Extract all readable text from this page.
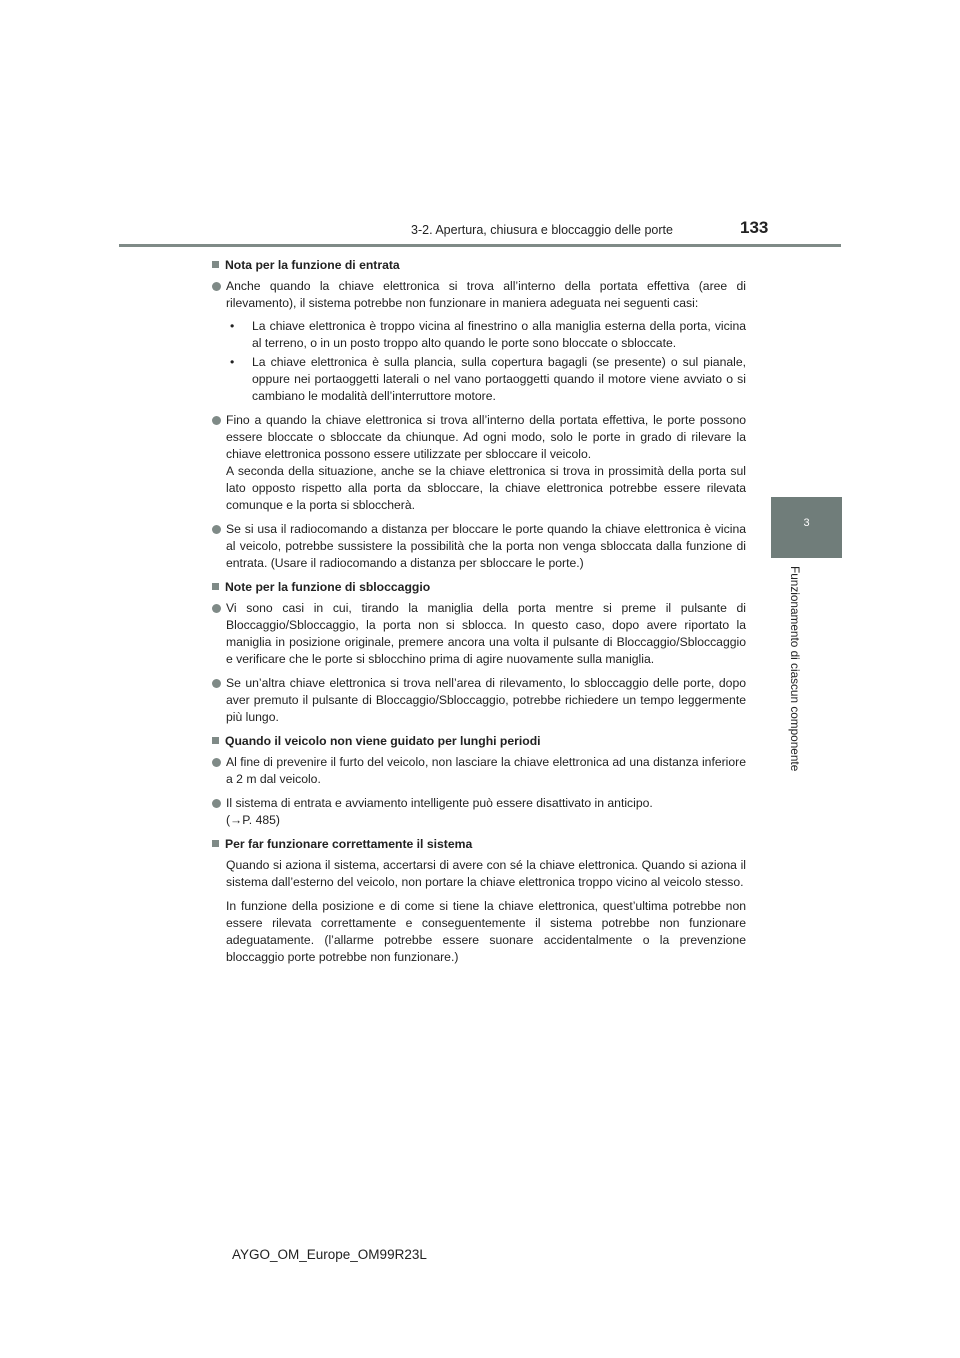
3-2. Apertura, chiusura e bloccaggio delle porte	133
3
Funzionamento di ciascun componente
Nota per la funzione di entrata

Anche quando la chiave elettronica si trova all’interno della portata effettiva (aree di rilevamento), il sistema potrebbe non funzionare in maniera adeguata nei seguenti casi:

•	La chiave elettronica è troppo vicina al finestrino o alla maniglia esterna della porta, vicina al terreno, o in un posto troppo alto quando le porte sono bloccate o sbloccate.
•	La chiave elettronica è sulla plancia, sulla copertura bagagli (se presente) o sul pianale, oppure nei portaoggetti laterali o nel vano portaoggetti quando il motore viene avviato o si cambiano le modalità dell’interruttore motore.

Fino a quando la chiave elettronica si trova all’interno della portata effettiva, le porte possono essere bloccate o sbloccate da chiunque. Ad ogni modo, solo le porte in grado di rilevare la chiave elettronica possono essere utilizzate per sbloccare il veicolo.

A seconda della situazione, anche se la chiave elettronica si trova in prossimità della porta sul lato opposto rispetto alla porta da sbloccare, la chiave elettronica potrebbe essere rilevata comunque e la porta si sbloccherà.

Se si usa il radiocomando a distanza per bloccare le porte quando la chiave elettronica è vicina al veicolo, potrebbe sussistere la possibilità che la porta non venga sbloccata dalla funzione di entrata. (Usare il radiocomando a distanza per sbloccare le porte.)

Note per la funzione di sbloccaggio

Vi sono casi in cui, tirando la maniglia della porta mentre si preme il pulsante di Bloccaggio/Sbloccaggio, la porta non si sblocca. In questo caso, dopo avere riportato la maniglia in posizione originale, premere ancora una volta il pulsante di Bloccaggio/Sbloccaggio e verificare che le porte si sblocchino prima di agire nuovamente sulla maniglia.

Se un’altra chiave elettronica si trova nell’area di rilevamento, lo sbloccaggio delle porte, dopo aver premuto il pulsante di Bloccaggio/Sbloccaggio, potrebbe richiedere un tempo leggermente più lungo.

Quando il veicolo non viene guidato per lunghi periodi

Al fine di prevenire il furto del veicolo, non lasciare la chiave elettronica ad una distanza inferiore a 2 m dal veicolo.

Il sistema di entrata e avviamento intelligente può essere disattivato in anticipo.

(→P. 485)

Per far funzionare correttamente il sistema

Quando si aziona il sistema, accertarsi di avere con sé la chiave elettronica. Quando si aziona il sistema dall’esterno del veicolo, non portare la chiave elettronica troppo vicino al veicolo stesso.

In funzione della posizione e di come si tiene la chiave elettronica, quest’ultima potrebbe non essere rilevata correttamente e conseguentemente il sistema potrebbe non funzionare adeguatamente. (l’allarme potrebbe essere suonare accidentalmente o la prevenzione bloccaggio porte potrebbe non funzionare.)

AYGO_OM_Europe_OM99R23L
